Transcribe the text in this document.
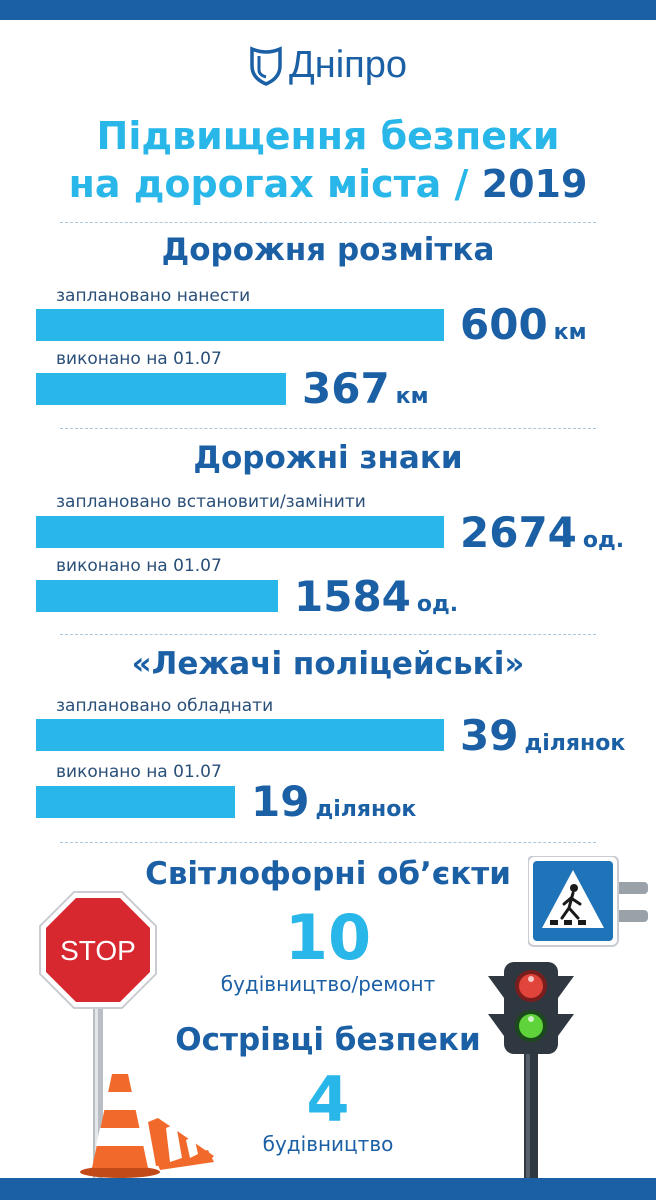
Дніпро
Підвищення безпеки
на дорогах міста / 2019
Дорожня розмітка
заплановано нанести
600 км
виконано на 01.07
367 км
Дорожні знаки
заплановано встановити/замінити
2674 од.
виконано на 01.07
1584 од.
«Лежачі поліцейські»
заплановано обладнати
39 ділянок
виконано на 01.07
19 ділянок
Світлофорні об’єкти
10
будівництво/ремонт
Острівці безпеки
4
будівництво
STOP
